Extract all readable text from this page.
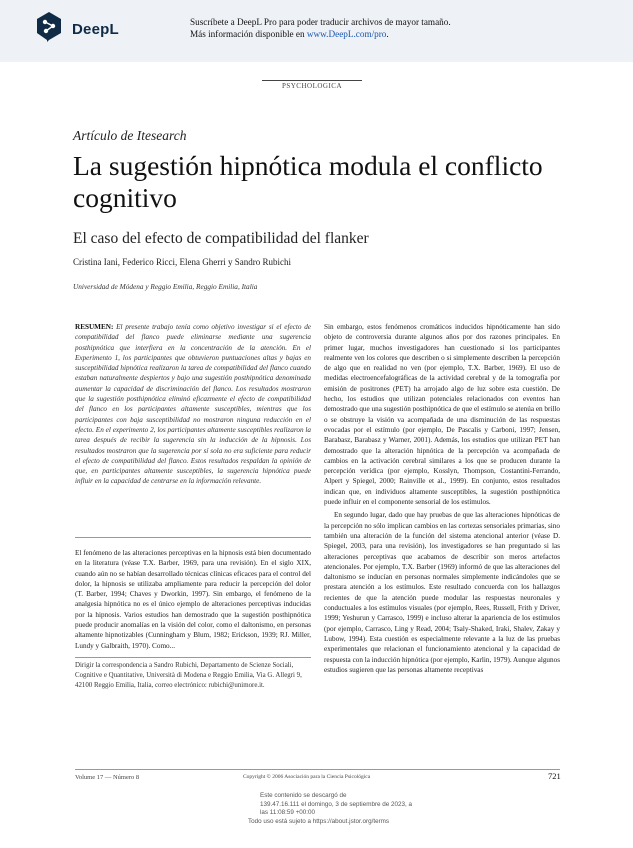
DeepL	Suscríbete a DeepL Pro para poder traducir archivos de mayor tamaño.
Más información disponible en www.DeepL.com/pro.
PSYCHOLOGICA
Artículo de Itesearch
La sugestión hipnótica modula el conflicto cognitivo
El caso del efecto de compatibilidad del flanker
Cristina Iani, Federico Ricci, Elena Gherri y Sandro Rubichi
Universidad de Módena y Reggio Emilia, Reggio Emilia, Italia

RESUMEN: El presente trabajo tenía como objetivo investigar si el efecto de compatibilidad del flanco puede eliminarse mediante una sugerencia posthipnótica que interfiera en la concentración de la atención. En el Experimento 1, los participantes que obtuvieron puntuaciones altas y bajas en susceptibilidad hipnótica realizaron la tarea de compatibilidad del flanco cuando estaban naturalmente despiertos y bajo una sugestión posthipnótica denominada aumentar la capacidad de discriminación del flanco. Los resultados mostraron que la sugestión posthipnótica eliminó eficazmente el efecto de compatibilidad del flanco en los participantes altamente susceptibles, mientras que los participantes con baja susceptibilidad no mostraron ninguna reducción en el efecto. En el experimento 2, los participantes altamente susceptibles realizaron la tarea después de recibir la sugerencia sin la inducción de la hipnosis. Los resultados mostraron que la sugerencia por sí sola no era suficiente para reducir el efecto de compatibilidad del flanco. Estos resultados respaldan la opinión de que, en participantes altamente susceptibles, la sugerencia hipnótica puede influir en la capacidad de centrarse en la información relevante.

El fenómeno de las alteraciones perceptivas en la hipnosis está bien documentado en la literatura (véase T.X. Barber, 1969, para una revisión). En el siglo XIX, cuando aún no se habían desarrollado técnicas clínicas eficaces para el control del dolor, la hipnosis se utilizaba ampliamente para reducir la percepción del dolor (T. Barber, 1994; Chaves y Dworkin, 1997). Sin embargo, el fenómeno de la analgesia hipnótica no es el único ejemplo de alteraciones perceptivas inducidas por la hipnosis. Varios estudios han demostrado que la sugestión posthipnótica puede producir anomalías en la visión del color, como el daltonismo, en personas altamente hipnotizables (Cunningham y Blum, 1982; Erickson, 1939; RJ. Miller, Lundy y Galbraith, 1970). Como...

Dirigir la correspondencia a Sandro Rubichi, Departamento de Scienze Sociali, Cognitive e Quantitative, Università di Modena e Reggio Emilia, Via G. Allegri 9, 42100 Reggio Emilia, Italia, correo electrónico: rubichi@unimore.it.

Sin embargo, estos fenómenos cromáticos inducidos hipnóticamente han sido objeto de controversia durante algunos años por dos razones principales. En primer lugar, muchos investigadores han cuestionado si los participantes realmente ven los colores que describen o si simplemente describen la percepción de algo que en realidad no ven (por ejemplo, T.X. Barber, 1969). El uso de medidas electroencefalográficas de la actividad cerebral y de la tomografía por emisión de positrones (PET) ha arrojado algo de luz sobre esta cuestión. De hecho, los estudios que utilizan potenciales relacionados con eventos han demostrado que una sugestión posthipnótica de que el estímulo se atenúa en brillo o se obstruye la visión va acompañada de una disminución de las respuestas evocadas por el estímulo (por ejemplo, De Pascalis y Carboni, 1997; Jensen, Barabasz, Barabasz y Warner, 2001). Además, los estudios que utilizan PET han demostrado que la alteración hipnótica de la percepción va acompañada de cambios en la activación cerebral similares a los que se producen durante la percepción verídica (por ejemplo, Kosslyn, Thompson, Costantini-Ferrando, Alpert y Spiegel, 2000; Rainville et al., 1999). En conjunto, estos resultados indican que, en individuos altamente susceptibles, la sugestión posthipnótica puede influir en el componente sensorial de los estímulos.

En segundo lugar, dado que hay pruebas de que las alteraciones hipnóticas de la percepción no sólo implican cambios en las cortezas sensoriales primarias, sino también una alteración de la función del sistema atencional anterior (véase D. Spiegel, 2003, para una revisión), los investigadores se han preguntado si las alteraciones perceptivas que acabamos de describir son meros artefactos atencionales. Por ejemplo, T.X. Barber (1969) informó de que las alteraciones del daltonismo se inducían en personas normales simplemente indicándoles que se prestara atención a los estímulos. Este resultado concuerda con los hallazgos recientes de que la atención puede modular las respuestas neuronales y conductuales a los estímulos visuales (por ejemplo, Rees, Russell, Frith y Driver, 1999; Yeshurun y Carrasco, 1999) e incluso alterar la apariencia de los estímulos (por ejemplo, Carrasco, Ling y Read, 2004; Tsaly-Shaked, Iraki, Shalev, Zakay y Lubow, 1994). Esta cuestión es especialmente relevante a la luz de las pruebas experimentales que relacionan el funcionamiento atencional y la capacidad de respuesta con la inducción hipnótica (por ejemplo, Karlin, 1979). Aunque algunos estudios sugieren que las personas altamente receptivas

Volume 17 — Número 8	Copyright © 2006 Asociación para la Ciencia Psicológica	721
Este contenido se descargó de
139.47.16.111 el domingo, 3 de septiembre de 2023, a
las 11:08:59 +00:00
Todo uso está sujeto a https://about.jstor.org/terms
